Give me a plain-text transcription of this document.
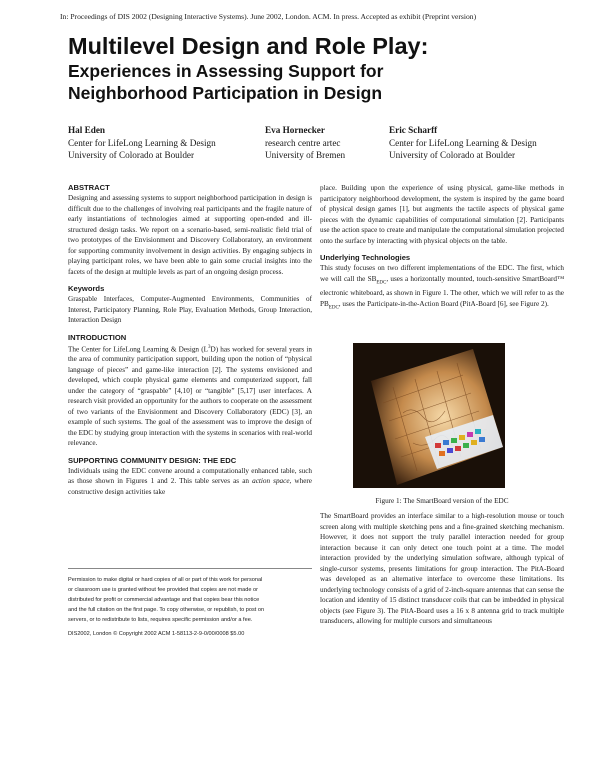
In: Proceedings of DIS 2002 (Designing Interactive Systems). June 2002, London. ACM. In press. Accepted as exhibit (Preprint version)
Multilevel Design and Role Play:
Experiences in Assessing Support for
Neighborhood Participation in Design
Hal Eden
Center for LifeLong Learning & Design
University of Colorado at Boulder
Eva Hornecker
research centre artec
University of Bremen
Eric Scharff
Center for LifeLong Learning & Design
University of Colorado at Boulder
ABSTRACT

Designing and assessing systems to support neighborhood participation in design is difficult due to the challenges of involving real participants and the fragile nature of early instantiations of technologies aimed at supporting open-ended and ill-structured design tasks. We report on a scenario-based, semi-realistic field trial of two prototypes of the Envisionment and Discovery Collaboratory, an environment for supporting community involvement in design activities. By engaging subjects in playing participant roles, we have been able to gain some crucial insights into the facets of the design at multiple levels as part of an ongoing design process.

Keywords

Graspable Interfaces, Computer-Augmented Environments, Communities of Interest, Participatory Planning, Role Play, Evaluation Methods, Group Interaction, Interaction Design

INTRODUCTION

The Center for LifeLong Learning & Design $(L^3D)$ has worked for several years in the area of community participation support, building upon the notion of “physical language of pieces” and game-like interaction [2]. The systems envisioned and developed, which couple physical game elements and computerized support, fall under the category of “graspable” [4,10] or “tangible” [5,17] user interfaces. A research visit provided an opportunity for the authors to cooperate on the assessment of two variants of the Envisionment and Discovery Collaboratory (EDC) [3], an example of such systems. The goal of the assessment was to improve the design of the EDC by studying group interaction with the systems in scenarios with real-world relevance.

SUPPORTING COMMUNITY DESIGN: THE EDC

Individuals using the EDC convene around a computationally enhanced table, such as those shown in Figures 1 and 2. This table serves as an action space, where constructive design activities take

Permission to make digital or hard copies of all or part of this work for personal

or classroom use is granted without fee provided that copies are not made or

distributed for profit or commercial advantage and that copies bear this notice

and the full citation on the first page. To copy otherwise, or republish, to post on

servers, or to redistribute to lists, requires specific permission and/or a fee.

DIS2002, London © Copyright 2002 ACM 1-58113-2-9-0/00/0008 $5.00

place. Building upon the experience of using physical, game-like methods in participatory neighborhood development, the system is inspired by the game board of physical design games [1], but augments the tactile aspects of physical game pieces with the dynamic capabilities of computational simulation [2]. Participants use the action space to create and manipulate the computational simulation projected onto the surface by interacting with physical objects on the table.

Underlying Technologies

This study focuses on two different implementations of the EDC. The first, which we will call the $SB_{EDC}$, uses a horizontally mounted, touch-sensitive SmartBoard™ electronic whiteboard, as shown in Figure 1. The other, which we will refer to as the $PB_{EDC}$, uses the Participate-in-the-Action Board (PitA-Board [6], see Figure 2).

Figure 1: The SmartBoard version of the EDC

The SmartBoard provides an interface similar to a high-resolution mouse or touch screen along with multiple sketching pens and a fine-grained sketching mechanism. However, it does not support the truly parallel interaction needed for group interaction because it can only detect one touch point at a time. The model interaction provided by the underlying simulation software, although typical of single-cursor systems, presents limitations for group interaction. The PitA-Board was developed as an alternative interface to overcome these limitations. Its underlying technology consists of a grid of 2-inch-square antennas that can sense the location and identity of 15 distinct transducer coils that can be imbedded in physical objects (see Figure 3). The PitA-Board uses a 16 x 8 antenna grid to track multiple transducers, allowing for multiple cursors and simultaneous
